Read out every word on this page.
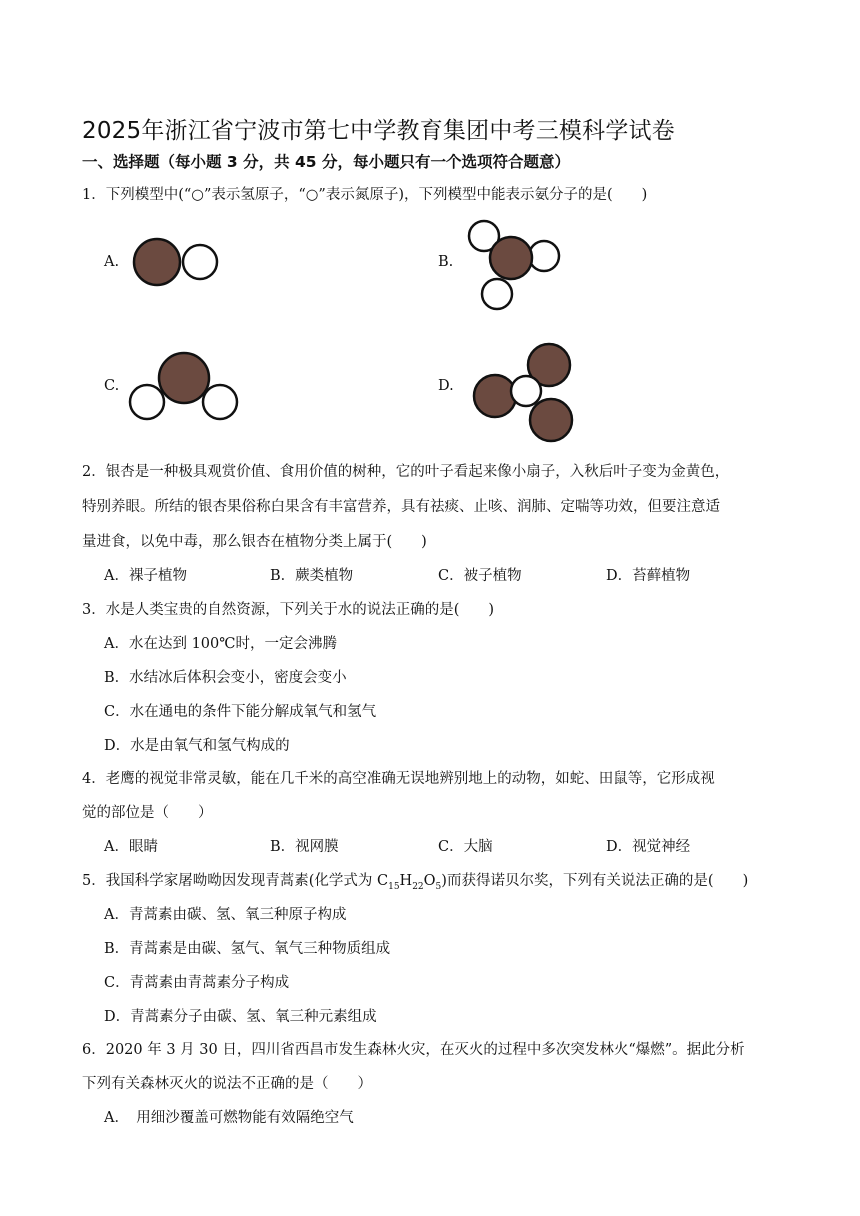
2025年浙江省宁波市第七中学教育集团中考三模科学试卷
一、选择题（每小题 3 分，共 45 分，每小题只有一个选项符合题意）
1．下列模型中(“○”表示氢原子，“○”表示氮原子)，下列模型中能表示氨分子的是(　　)
A.	B.
C.	D.
2．银杏是一种极具观赏价值、食用价值的树种，它的叶子看起来像小扇子，入秋后叶子变为金黄色，
特别养眼。所结的银杏果俗称白果含有丰富营养，具有祛痰、止咳、润肺、定喘等功效，但要注意适
量进食，以免中毒，那么银杏在植物分类上属于(　　)
A．裸子植物	B．蕨类植物	C．被子植物	D．苔藓植物
3．水是人类宝贵的自然资源，下列关于水的说法正确的是(　　)
A．水在达到 100℃时，一定会沸腾
B．水结冰后体积会变小，密度会变小
C．水在通电的条件下能分解成氧气和氢气
D．水是由氧气和氢气构成的
4．老鹰的视觉非常灵敏，能在几千米的高空准确无误地辨别地上的动物，如蛇、田鼠等，它形成视
觉的部位是（　　）
A．眼睛	B．视网膜	C．大脑	D．视觉神经
5．我国科学家屠呦呦因发现青蒿素(化学式为 $C_{15}H_{22}O_5$)而获得诺贝尔奖，下列有关说法正确的是(　　)
A．青蒿素由碳、氢、氧三种原子构成
B．青蒿素是由碳、氢气、氧气三种物质组成
C．青蒿素由青蒿素分子构成
D．青蒿素分子由碳、氢、氧三种元素组成
6．2020 年 3 月 30 日，四川省西昌市发生森林火灾，在灭火的过程中多次突发林火“爆燃”。据此分析
下列有关森林灭火的说法不正确的是（　　）
A．　用细沙覆盖可燃物能有效隔绝空气
